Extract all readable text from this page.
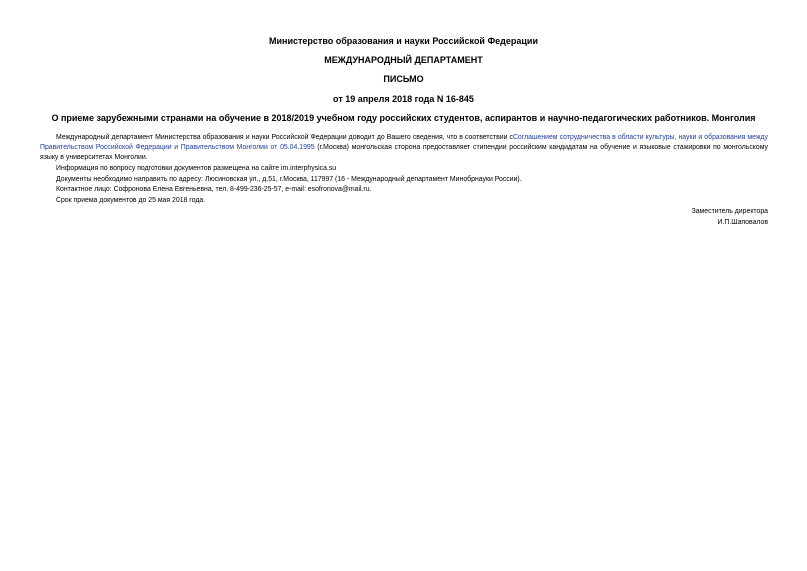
Министерство образования и науки Российской Федерации
МЕЖДУНАРОДНЫЙ ДЕПАРТАМЕНТ
ПИСЬМО
от 19 апреля 2018 года N 16-845
О приеме зарубежными странами на обучение в 2018/2019 учебном году российских студентов, аспирантов и научно-педагогических работников. Монголия

Международный департамент Министерства образования и науки Российской Федерации доводит до Вашего сведения, что в соответствии сСоглашением сотрудничества в области культуры, науки и образования между Правительством Российской Федерации и Правительством Монголии от 05.04.1995 (г.Москва) монгольская сторона предоставляет стипендии российским кандидатам на обучение и языковые стажировки по монгольскому языку в университетах Монголии.

Информация по вопросу подготовки документов размещена на сайте im.interphysica.su
Документы необходимо направить по адресу: Люсиновская ул., д.51, г.Москва, 117997 (16 - Международный департамент Минобрнауки России).
Контактное лицо: Софронова Елена Евгеньевна, тел. 8-499-236-25-57, e-mail: esofronova@mail.ru.
Срок приема документов до 25 мая 2018 года.
Заместитель директора
И.П.Шаповалов
